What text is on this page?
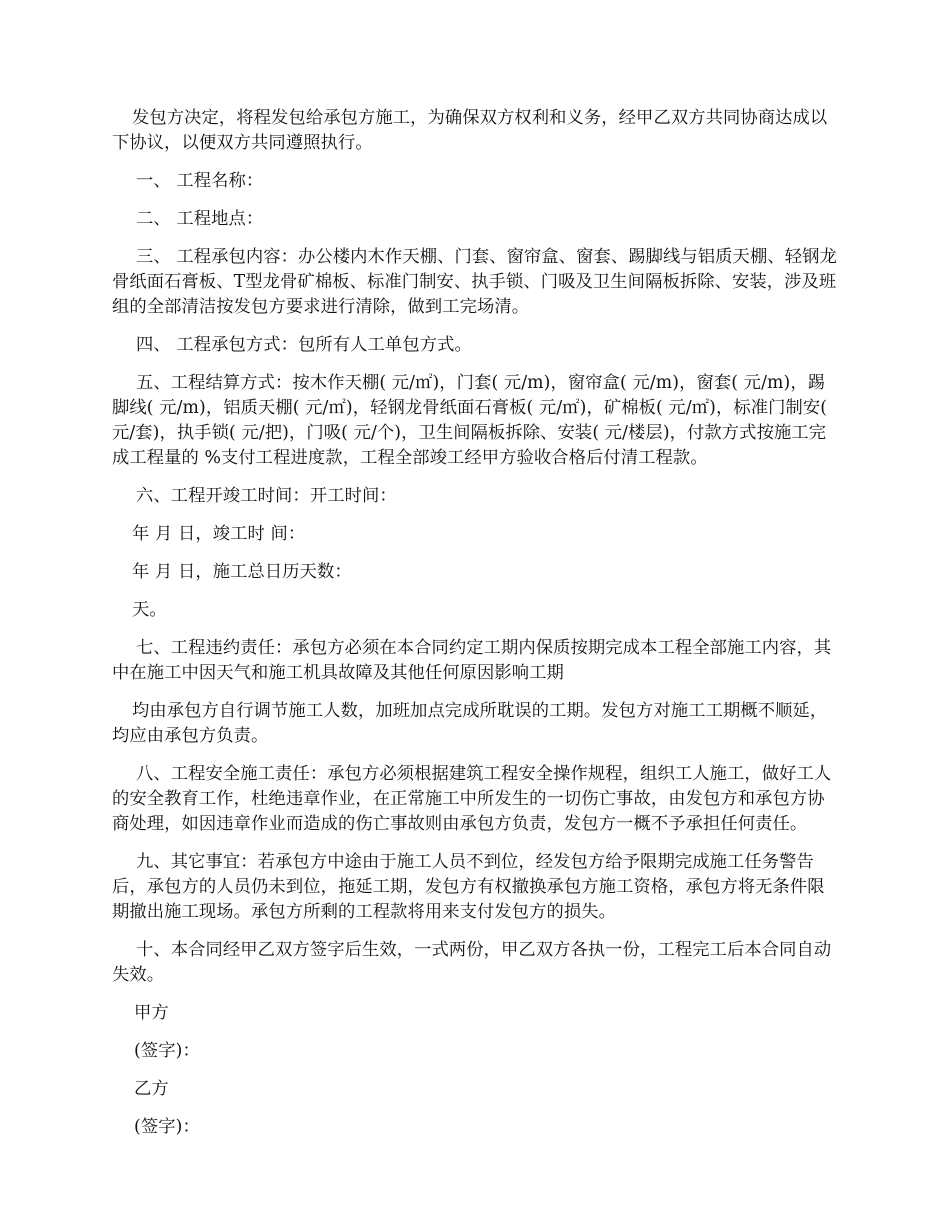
发包方决定，将程发包给承包方施工，为确保双方权利和义务，经甲乙双方共同协商达成以下协议，以便双方共同遵照执行。

一、 工程名称：

二、 工程地点：

三、 工程承包内容：办公楼内木作天棚、门套、窗帘盒、窗套、踢脚线与铝质天棚、轻钢龙骨纸面石膏板、T型龙骨矿棉板、标准门制安、执手锁、门吸及卫生间隔板拆除、安装，涉及班组的全部清洁按发包方要求进行清除，做到工完场清。

四、 工程承包方式：包所有人工单包方式。

五、工程结算方式：按木作天棚( 元/㎡)，门套( 元/m)，窗帘盒( 元/m)，窗套( 元/m)，踢脚线( 元/m)，铝质天棚( 元/㎡)，轻钢龙骨纸面石膏板( 元/㎡)，矿棉板( 元/㎡)，标准门制安( 元/套)，执手锁( 元/把)，门吸( 元/个)，卫生间隔板拆除、安装( 元/楼层)，付款方式按施工完成工程量的 %支付工程进度款，工程全部竣工经甲方验收合格后付清工程款。

六、工程开竣工时间：开工时间：

年 月 日，竣工时 间：

年 月 日，施工总日历天数：

天。

七、工程违约责任：承包方必须在本合同约定工期内保质按期完成本工程全部施工内容，其中在施工中因天气和施工机具故障及其他任何原因影响工期

均由承包方自行调节施工人数，加班加点完成所耽误的工期。发包方对施工工期概不顺延，均应由承包方负责。

八、工程安全施工责任：承包方必须根据建筑工程安全操作规程，组织工人施工，做好工人的安全教育工作，杜绝违章作业，在正常施工中所发生的一切伤亡事故，由发包方和承包方协商处理，如因违章作业而造成的伤亡事故则由承包方负责，发包方一概不予承担任何责任。

九、其它事宜：若承包方中途由于施工人员不到位，经发包方给予限期完成施工任务警告后，承包方的人员仍未到位，拖延工期，发包方有权撤换承包方施工资格，承包方将无条件限期撤出施工现场。承包方所剩的工程款将用来支付发包方的损失。

十、本合同经甲乙双方签字后生效，一式两份，甲乙双方各执一份，工程完工后本合同自动失效。

甲方

(签字)：

乙方

(签字)：
